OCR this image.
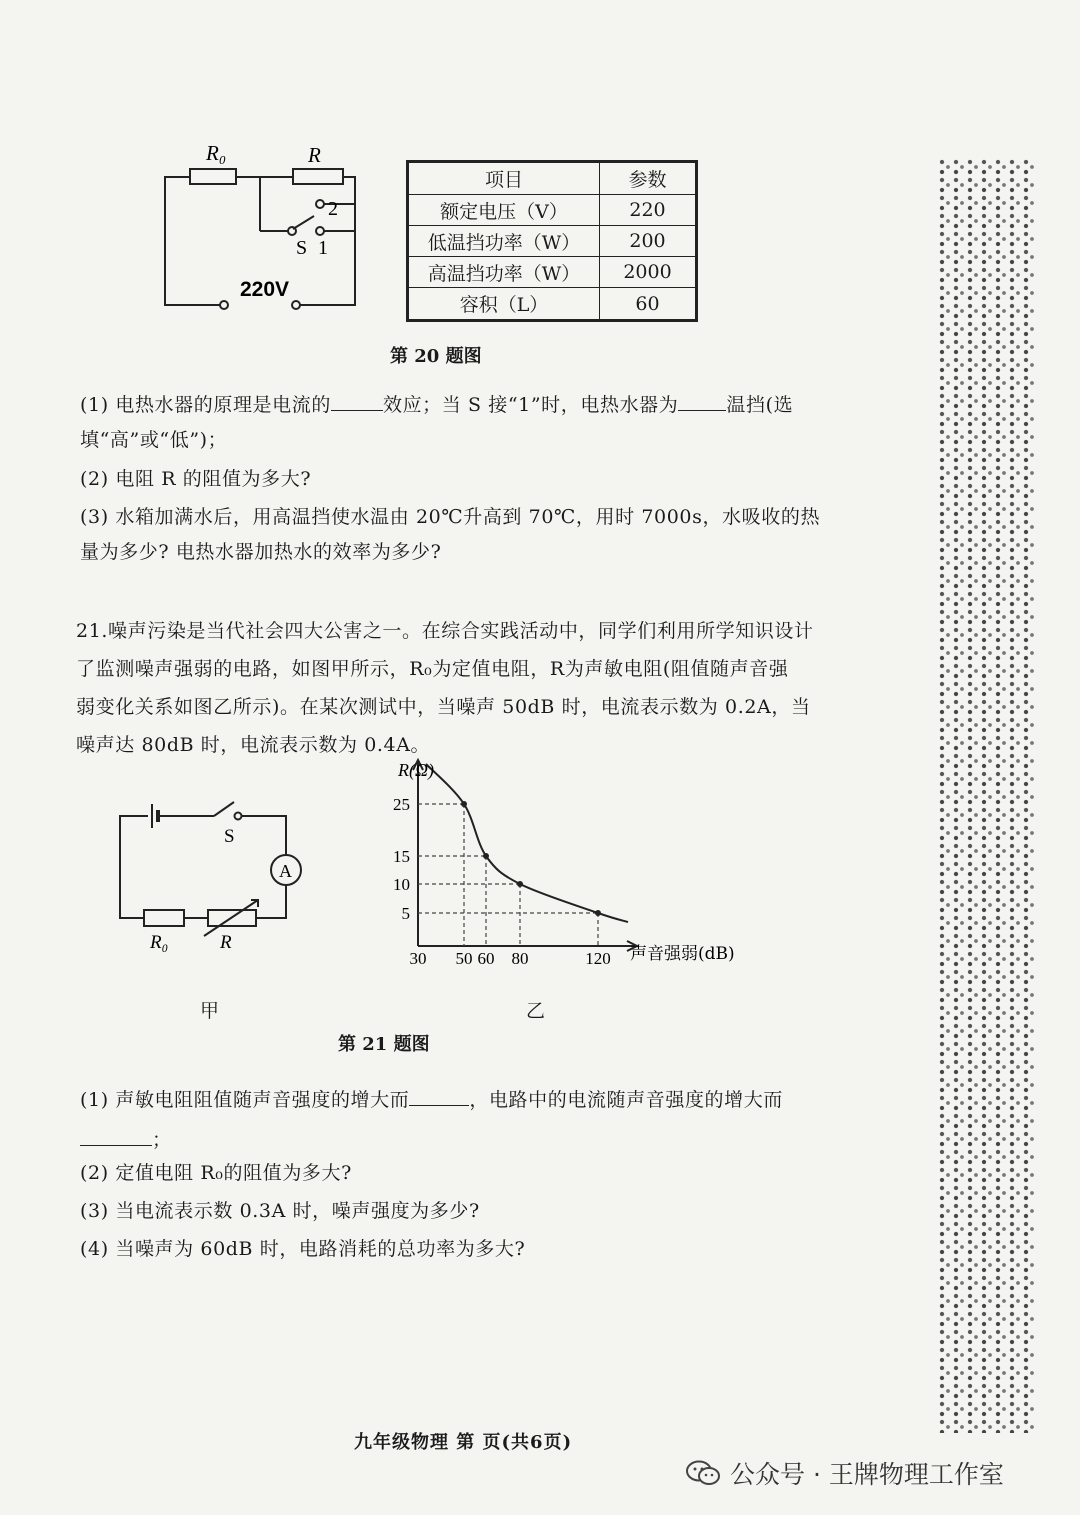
R₀	R
2
S 1
220V
项目	参数
额定电压（V）	220
低温挡功率（W）	200
高温挡功率（W）	2000
容积（L）	60
第 20 题图
(1) 电热水器的原理是电流的	效应；当 S 接“1”时，电热水器为	温挡(选
填“高”或“低”)；
(2) 电阻 R 的阻值为多大?
(3) 水箱加满水后，用高温挡使水温由 20℃升高到 70℃，用时 7000s，水吸收的热
量为多少? 电热水器加热水的效率为多少?
21.噪声污染是当代社会四大公害之一。在综合实践活动中，同学们利用所学知识设计
了监测噪声强弱的电路，如图甲所示，R₀为定值电阻，R为声敏电阻(阻值随声音强
弱变化关系如图乙所示)。在某次测试中，当噪声 50dB 时，电流表示数为 0.2A，当
噪声达 80dB 时，电流表示数为 0.4A。
S
A
R₀	R
甲
30 50 60 80	120
5
10
15
25
R(Ω)
声音强弱(dB)
乙
第 21 题图
(1) 声敏电阻阻值随声音强度的增大而	，电路中的电流随声音强度的增大而
；
(2) 定值电阻 R₀的阻值为多大?
(3) 当电流表示数 0.3A 时，噪声强度为多少?
(4) 当噪声为 60dB 时，电路消耗的总功率为多大?
九年级物理 第 页(共6页)
公众号 · 王牌物理工作室
